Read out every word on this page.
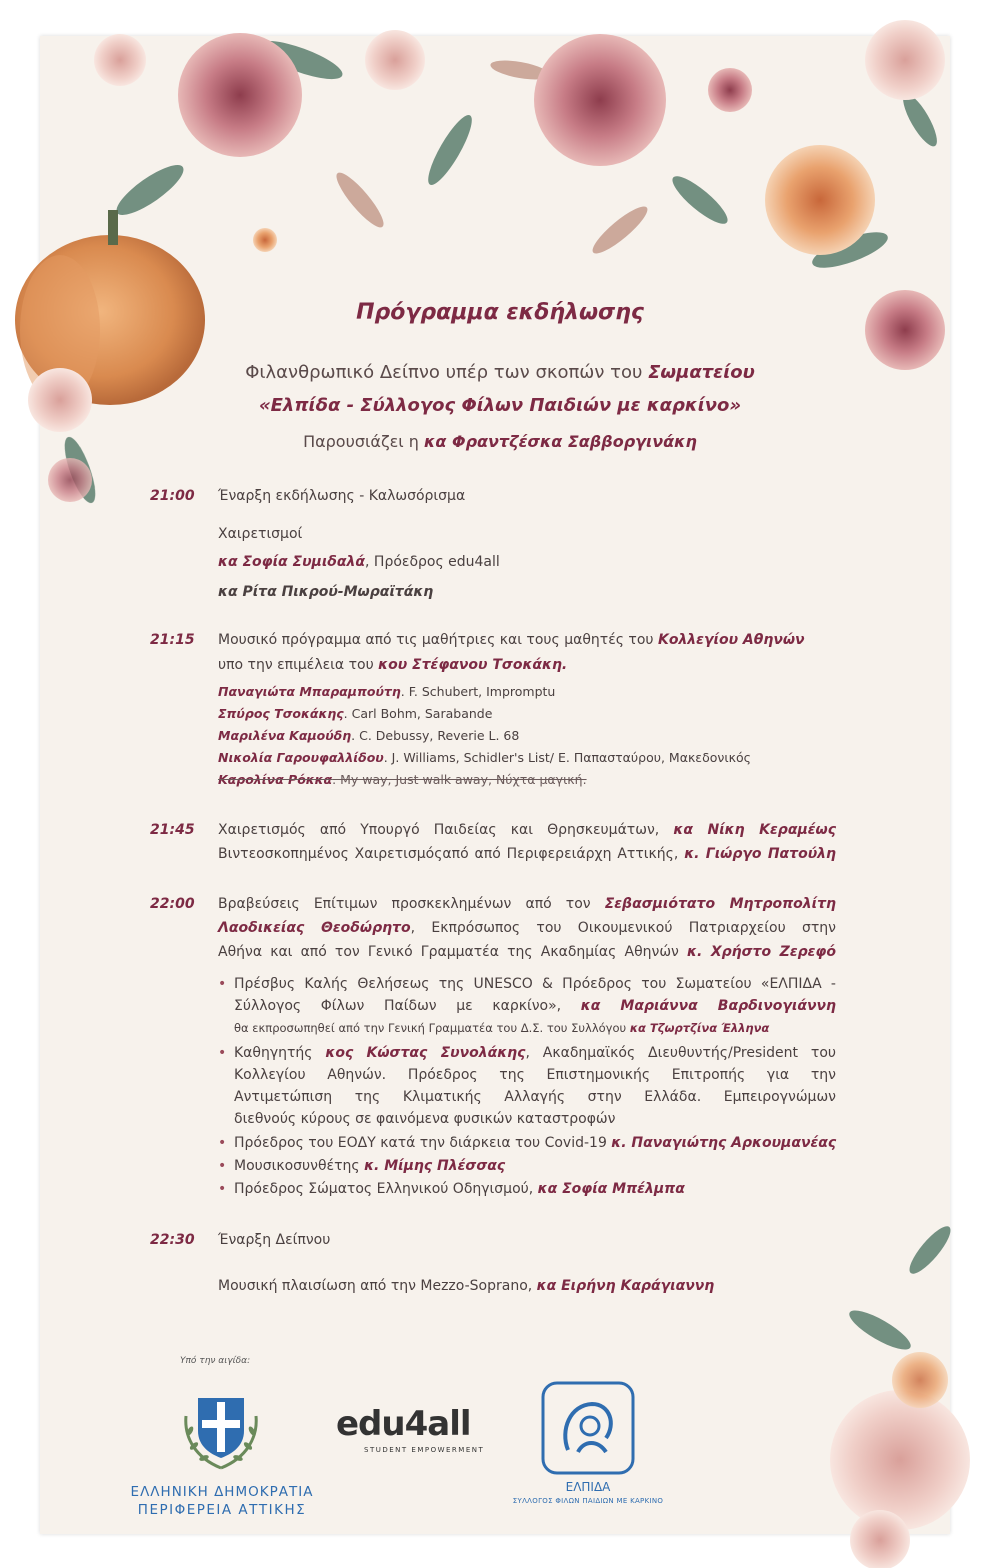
Πρόγραμμα εκδήλωσης
Φιλανθρωπικό Δείπνο υπέρ των σκοπών του Σωματείου
«Ελπίδα - Σύλλογος Φίλων Παιδιών με καρκίνο»
Παρουσιάζει η κα Φραντζέσκα Σαββοργινάκη
21:00	Έναρξη εκδήλωσης - Καλωσόρισμα
Χαιρετισμοί
κα Σοφία Συμιδαλά, Πρόεδρος edu4all
κα Ρίτα Πικρού-Μωραϊτάκη
21:15	Μουσικό πρόγραμμα από τις μαθήτριες και τους μαθητές του Κολλεγίου Αθηνών
υπο την επιμέλεια του κου Στέφανου Τσοκάκη.
Παναγιώτα Μπαραμπούτη. F. Schubert, Impromptu
Σπύρος Τσοκάκης. Carl Bohm, Sarabande
Μαριλένα Καμούδη. C. Debussy, Reverie L. 68
Νικολία Γαρουφαλλίδου. J. Williams, Schidler's List/ E. Παπασταύρου, Μακεδονικός
Καρολίνα Ρόκκα. My way, Just walk away, Νύχτα μαγική.
21:45	Χαιρετισμός από Υπουργό Παιδείας και Θρησκευμάτων, κα Νίκη Κεραμέως
Βιντεοσκοπημένος Χαιρετισμόςαπό από Περιφερειάρχη Αττικής, κ. Γιώργο Πατούλη
22:00	Βραβεύσεις Επίτιμων προσκεκλημένων από τον Σεβασμιότατο Μητροπολίτη
Λαοδικείας Θεοδώρητο, Εκπρόσωπος του Οικουμενικού Πατριαρχείου στην
Αθήνα και από τον Γενικό Γραμματέα της Ακαδημίας Αθηνών κ. Χρήστο Ζερεφό
• Πρέσβυς Καλής Θελήσεως της UNESCO & Πρόεδρος του Σωματείου «ΕΛΠΙΔΑ -
Σύλλογος Φίλων Παίδων με καρκίνο», κα Μαριάννα Βαρδινογιάννη
θα εκπροσωπηθεί από την Γενική Γραμματέα του Δ.Σ. του Συλλόγου κα Τζωρτζίνα Έλληνα
• Καθηγητής κος Κώστας Συνολάκης, Ακαδημαϊκός Διευθυντής/President του
Κολλεγίου Αθηνών. Πρόεδρος της Επιστημονικής Επιτροπής για την
Αντιμετώπιση της Κλιματικής Αλλαγής στην Ελλάδα. Εμπειρογνώμων
διεθνούς κύρους σε φαινόμενα φυσικών καταστροφών
• Πρόεδρος του ΕΟΔΥ κατά την διάρκεια του Covid-19 κ. Παναγιώτης Αρκουμανέας
• Μουσικοσυνθέτης κ. Μίμης Πλέσσας
• Πρόεδρος Σώματος Ελληνικού Οδηγισμού, κα Σοφία Μπέλμπα
22:30	Έναρξη Δείπνου
Μουσική πλαισίωση από την Mezzo-Soprano, κα Ειρήνη Καράγιαννη
Υπό την αιγίδα:
ΕΛΛΗΝΙΚΗ ΔΗΜΟΚΡΑΤΙΑ
ΠΕΡΙΦΕΡΕΙΑ ΑΤΤΙΚΗΣ
edu4all
STUDENT EMPOWERMENT
ΕΛΠΙΔΑ
ΣΥΛΛΟΓΟΣ ΦΙΛΩΝ ΠΑΙΔΙΩΝ ΜΕ ΚΑΡΚΙΝΟ
